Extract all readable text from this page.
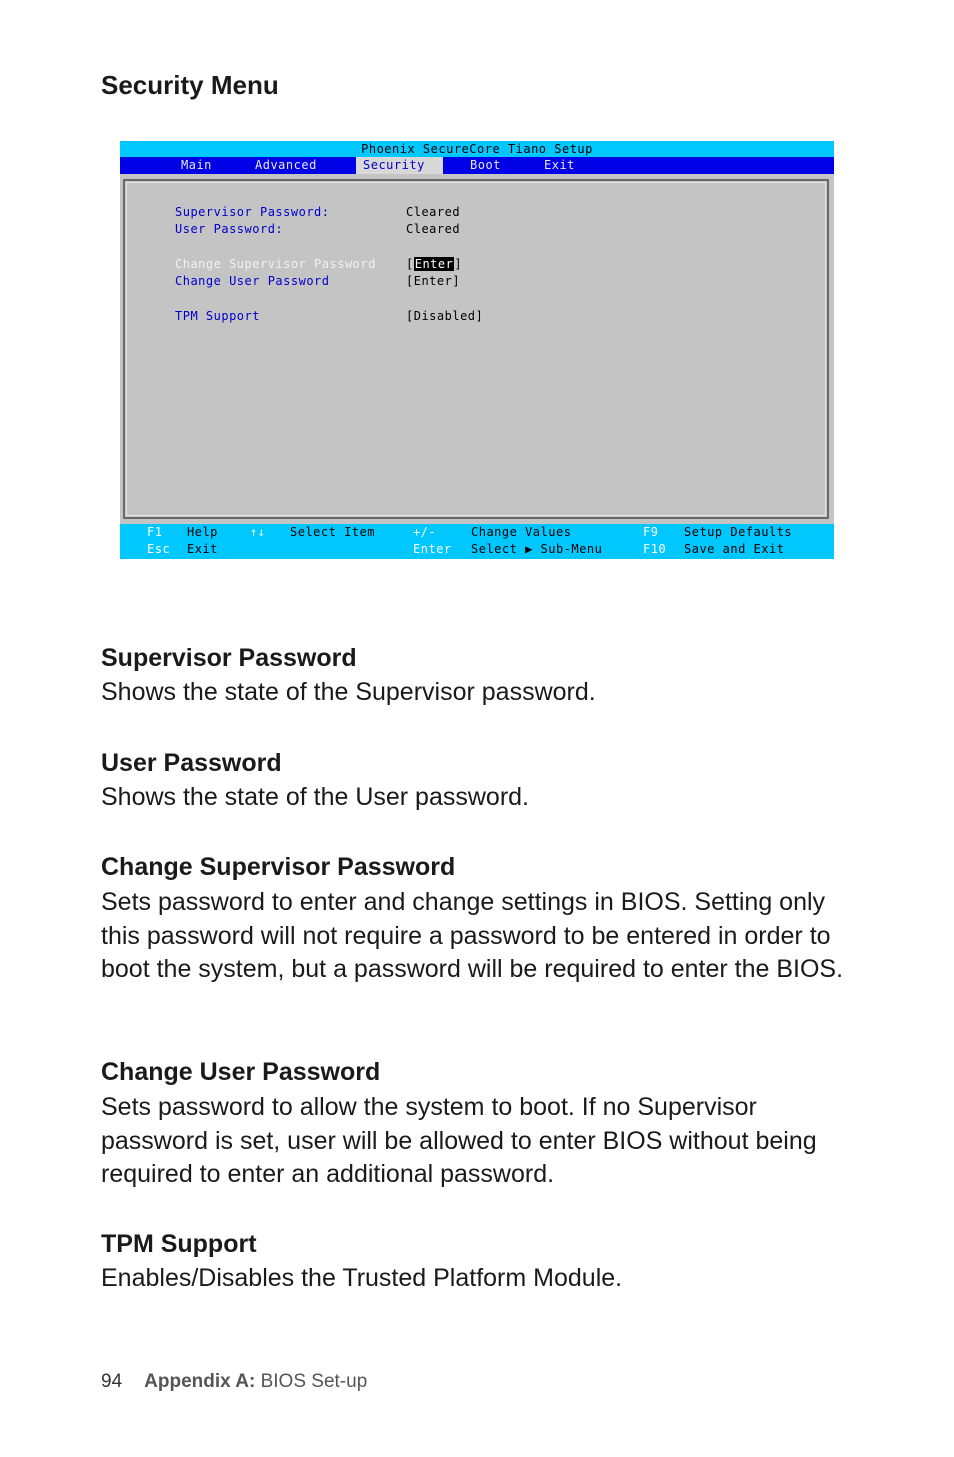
Security Menu
Phoenix SecureCore Tiano Setup
Main	Advanced	Security	Boot	Exit
Supervisor Password:	Cleared
User Password:	Cleared
Change Supervisor Password	[Enter]
Change User Password	[Enter]
TPM Support	[Disabled]
F1 Help	↑↓ Select Item	+/-	Change Values	F9 Setup Defaults
Esc Exit	Enter Select ▶ Sub-Menu	F10 Save and Exit
Supervisor Password

Shows the state of the Supervisor password.

User Password

Shows the state of the User password.

Change Supervisor Password

Sets password to enter and change settings in BIOS. Setting only this password will not require a password to be entered in order to boot the system, but a password will be required to enter the BIOS.

Change User Password

Sets password to allow the system to boot. If no Supervisor password is set, user will be allowed to enter BIOS without being required to enter an additional password.

TPM Support

Enables/Disables the Trusted Platform Module.

94 Appendix A: BIOS Set-up
